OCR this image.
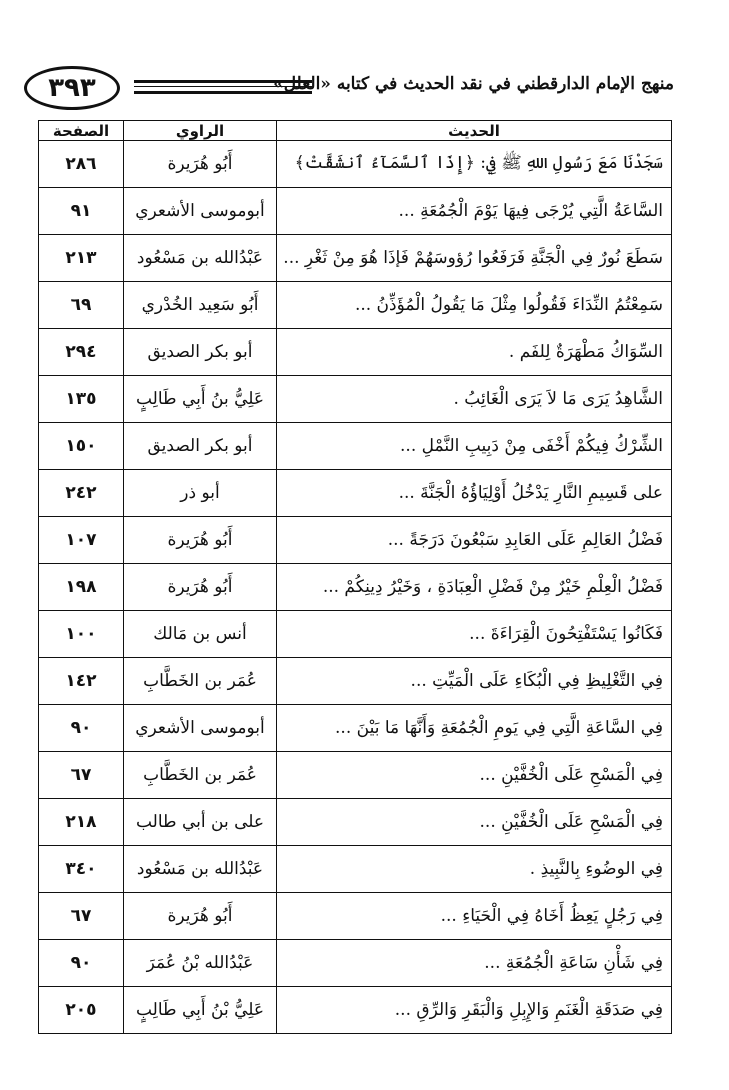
٣٩٣	منهج الإمام الدارقطني في نقد الحديث في كتابه «العلل»
الحديث	الراوي	الصفحة
سَجَدْنَا مَعَ رَسُولِ اللهِ ﷺ فِي: ﴿إِذَا ٱلسَّمَآءُ ٱنشَقَّتْ﴾	أَبُو هُرَيرة	٢٨٦
السَّاعَةُ الَّتِي يُرْجَى فِيهَا يَوْمَ الْجُمُعَةِ ...	أبوموسى الأشعري	٩١
سَطَعَ نُورٌ فِي الْجَنَّةِ فَرَفَعُوا رُؤوسَهُمْ فَإذَا هُوَ مِنْ ثَغْرِ ...	عَبْدُالله بن مَسْعُود	٢١٣
سَمِعْتُمُ النِّدَاءَ فَقُولُوا مِثْلَ مَا يَقُولُ الْمُؤَذِّنُ ...	أَبُو سَعِيد الخُدْري	٦٩
السِّوَاكُ مَطْهَرَةٌ لِلفَم .	أبو بكر الصديق	٢٩٤
الشَّاهِدُ يَرَى مَا لاَ يَرَى الْغَائِبُ .	عَلِيُّ بنُ أَبِي طَالِبٍ	١٣٥
الشِّرْكُ فِيكُمْ أَخْفَى مِنْ دَبِيبِ النَّمْلِ ...	أبو بكر الصديق	١٥٠
على قَسِيمِ النَّارِ يَدْخُلُ أَوْلِيَاؤُهُ الْجَنَّةَ ...	أبو ذر	٢٤٢
فَضْلُ العَالِمِ عَلَى العَابِدِ سَبْعُونَ دَرَجَةً ...	أَبُو هُرَيرة	١٠٧
فَضْلُ الْعِلْمِ خَيْرٌ مِنْ فَضْلِ الْعِبَادَةِ ، وَخَيْرُ دِينِكُمْ ...	أَبُو هُرَيرة	١٩٨
فَكَانُوا يَسْتَفْتِحُونَ الْقِرَاءَةَ ...	أنس بن مَالك	١٠٠
فِي التَّغْلِيظِ فِي الْبُكَاءِ عَلَى الْمَيِّتِ ...	عُمَر بن الخَطَّابِ	١٤٢
فِي السَّاعَةِ الَّتِي فِي يَومِ الْجُمُعَةِ وَأَنَّهَا مَا بَيْنَ ...	أبوموسى الأشعري	٩٠
فِي الْمَسْحِ عَلَى الْخُفَّيْنِ ...	عُمَر بن الخَطَّابِ	٦٧
فِي الْمَسْحِ عَلَى الْخُفَّيْنِ ...	على بن أبي طالب	٢١٨
فِي الوضُوءِ بِالنَّبِيذِ .	عَبْدُالله بن مَسْعُود	٣٤٠
فِي رَجُلٍ يَعِظُ أَخَاهُ فِي الْحَيَاءِ ...	أَبُو هُرَيرة	٦٧
فِي شَأْنِ سَاعَةِ الْجُمُعَةِ ...	عَبْدُالله بْنُ عُمَرَ	٩٠
فِي صَدَقَةِ الْغَنَمِ وَالإِبِلِ وَالْبَقَرِ وَالرِّقِ ...	عَلِيُّ بْنُ أَبِي طَالِبٍ	٢٠٥
